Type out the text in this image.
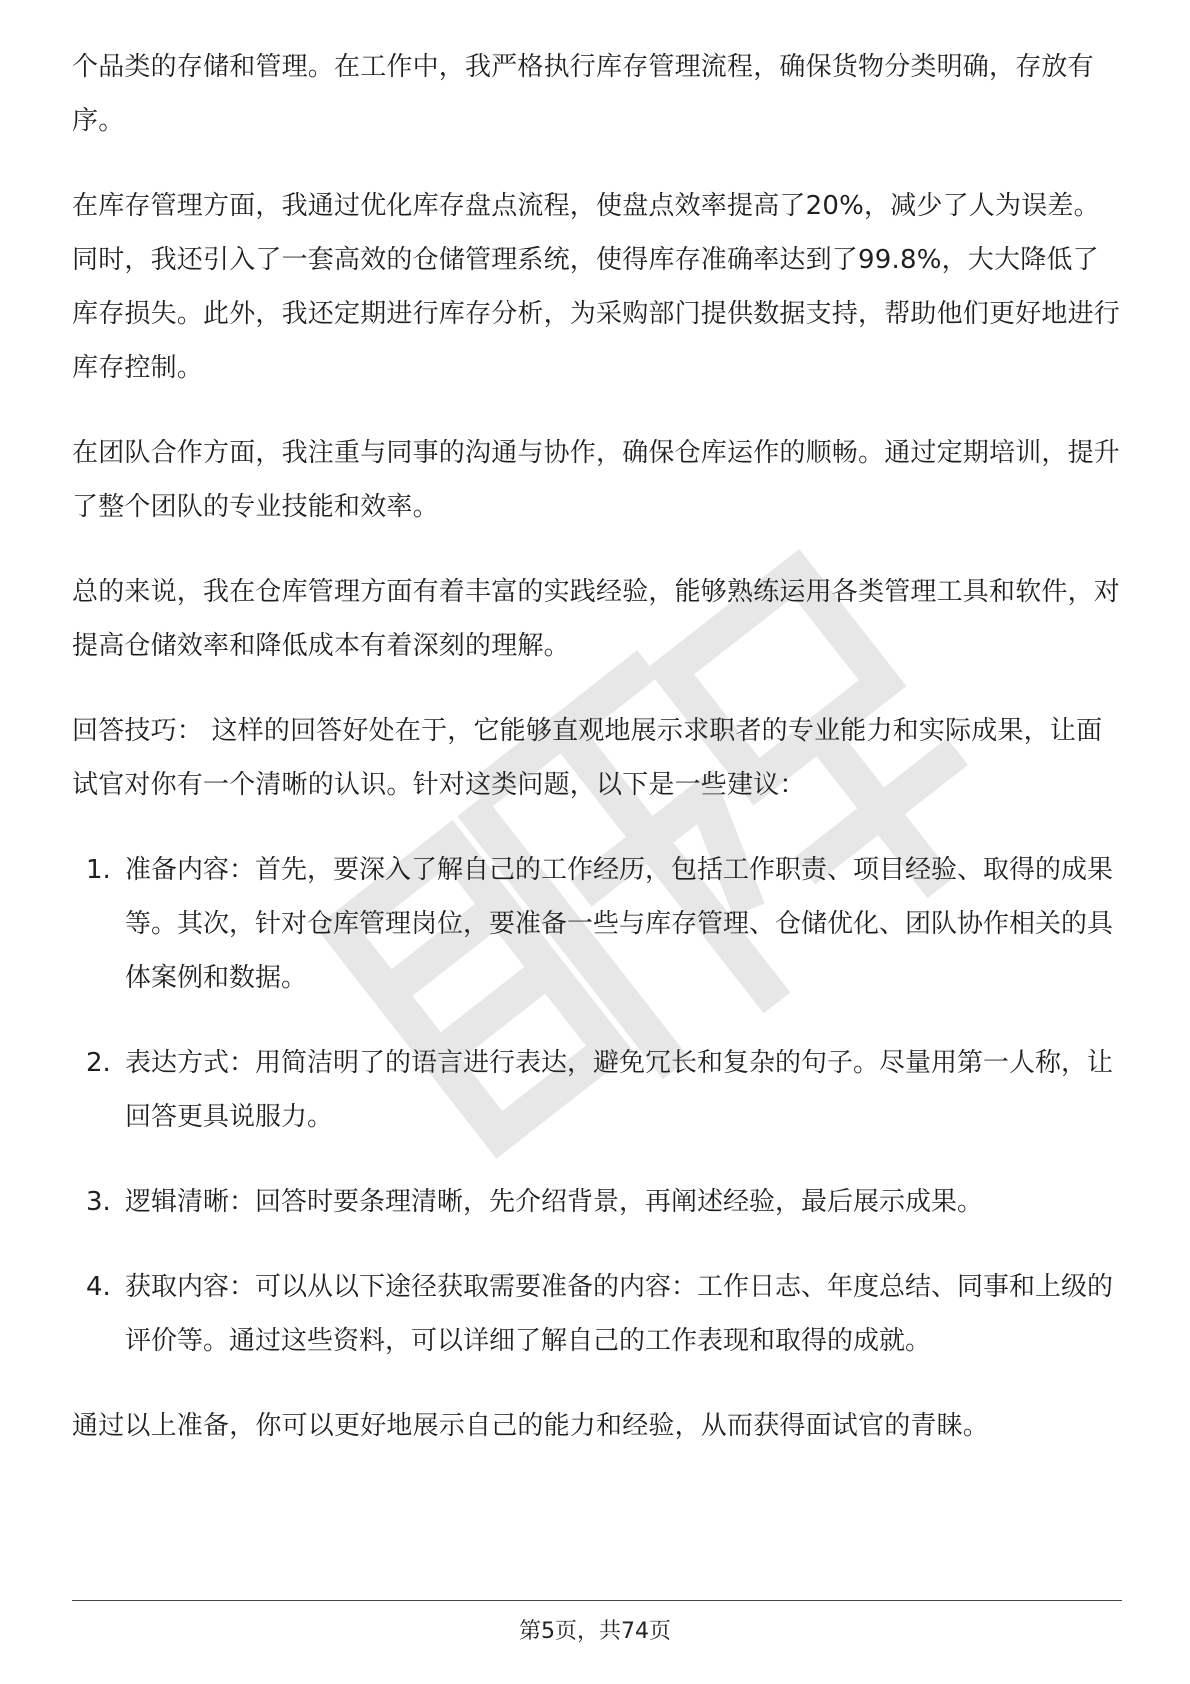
个品类的存储和管理。在工作中，我严格执行库存管理流程，确保货物分类明确，存放有序。

在库存管理方面，我通过优化库存盘点流程，使盘点效率提高了20%，减少了人为误差。同时，我还引入了一套高效的仓储管理系统，使得库存准确率达到了99.8%，大大降低了库存损失。此外，我还定期进行库存分析，为采购部门提供数据支持，帮助他们更好地进行库存控制。

在团队合作方面，我注重与同事的沟通与协作，确保仓库运作的顺畅。通过定期培训，提升了整个团队的专业技能和效率。

总的来说，我在仓库管理方面有着丰富的实践经验，能够熟练运用各类管理工具和软件，对提高仓储效率和降低成本有着深刻的理解。

回答技巧： 这样的回答好处在于，它能够直观地展示求职者的专业能力和实际成果，让面试官对你有一个清晰的认识。针对这类问题，以下是一些建议：

1. 准备内容：首先，要深入了解自己的工作经历，包括工作职责、项目经验、取得的成果等。其次，针对仓库管理岗位，要准备一些与库存管理、仓储优化、团队协作相关的具体案例和数据。
2. 表达方式：用简洁明了的语言进行表达，避免冗长和复杂的句子。尽量用第一人称，让回答更具说服力。
3. 逻辑清晰：回答时要条理清晰，先介绍背景，再阐述经验，最后展示成果。
4. 获取内容：可以从以下途径获取需要准备的内容：工作日志、年度总结、同事和上级的评价等。通过这些资料，可以详细了解自己的工作表现和取得的成就。

通过以上准备，你可以更好地展示自己的能力和经验，从而获得面试官的青睐。

第5页，共74页
